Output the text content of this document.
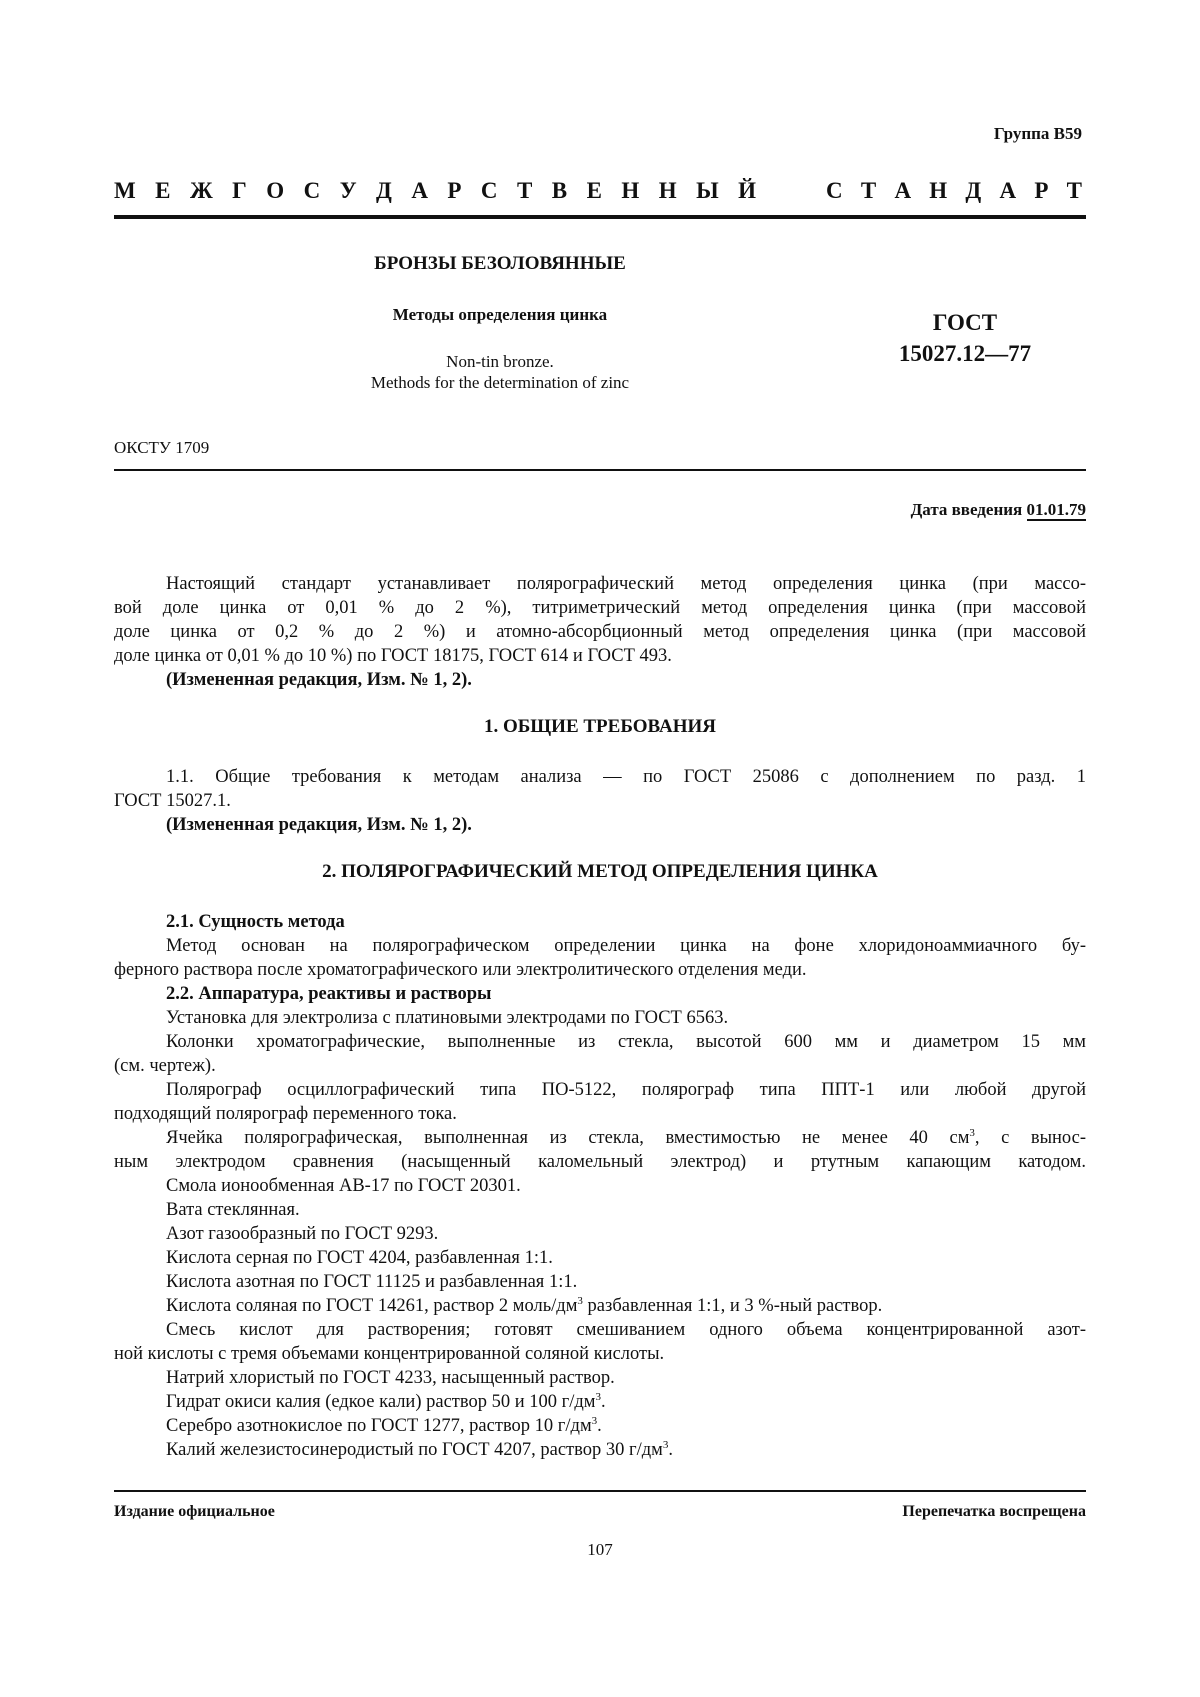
Группа В59
М Е Ж Г О С У Д А Р С Т В Е Н Н Ы Й	С Т А Н Д А Р Т
БРОНЗЫ БЕЗОЛОВЯННЫЕ
Методы определения цинка
Non-tin bronze.
Methods for the determination of zinc
ГОСТ
15027.12—77
ОКСТУ 1709
Дата введения 01.01.79

Настоящий стандарт устанавливает полярографический метод определения цинка (при массо-

вой доле цинка от 0,01 % до 2 %), титриметрический метод определения цинка (при массовой

доле цинка от 0,2 % до 2 %) и атомно-абсорбционный метод определения цинка (при массовой

доле цинка от 0,01 % до 10 %) по ГОСТ 18175, ГОСТ 614 и ГОСТ 493.

(Измененная редакция, Изм. № 1, 2).

1. ОБЩИЕ ТРЕБОВАНИЯ

1.1. Общие требования к методам анализа — по ГОСТ 25086 с дополнением по разд. 1

ГОСТ 15027.1.

(Измененная редакция, Изм. № 1, 2).

2. ПОЛЯРОГРАФИЧЕСКИЙ МЕТОД ОПРЕДЕЛЕНИЯ ЦИНКА

2.1. Сущность метода

Метод основан на полярографическом определении цинка на фоне хлоридоноаммиачного бу-

ферного раствора после хроматографического или электролитического отделения меди.

2.2. Аппаратура, реактивы и растворы

Установка для электролиза с платиновыми электродами по ГОСТ 6563.

Колонки хроматографические, выполненные из стекла, высотой 600 мм и диаметром 15 мм

(см. чертеж).

Полярограф осциллографический типа ПО-5122, полярограф типа ППТ-1 или любой другой

подходящий полярограф переменного тока.

Ячейка полярографическая, выполненная из стекла, вместимостью не менее 40 $см^3$, с вынос-

ным электродом сравнения (насыщенный каломельный электрод) и ртутным капающим катодом.

Смола ионообменная АВ-17 по ГОСТ 20301.

Вата стеклянная.

Азот газообразный по ГОСТ 9293.

Кислота серная по ГОСТ 4204, разбавленная 1:1.

Кислота азотная по ГОСТ 11125 и разбавленная 1:1.

Кислота соляная по ГОСТ 14261, раствор 2 моль/$дм^3$ разбавленная 1:1, и 3 %-ный раствор.

Смесь кислот для растворения; готовят смешиванием одного объема концентрированной азот-

ной кислоты с тремя объемами концентрированной соляной кислоты.

Натрий хлористый по ГОСТ 4233, насыщенный раствор.

Гидрат окиси калия (едкое кали) раствор 50 и 100 $г/дм^3$.

Серебро азотнокислое по ГОСТ 1277, раствор 10 $г/дм^3$.

Калий железистосинеродистый по ГОСТ 4207, раствор 30 $г/дм^3$.

Издание официальное	Перепечатка воспрещена
107
